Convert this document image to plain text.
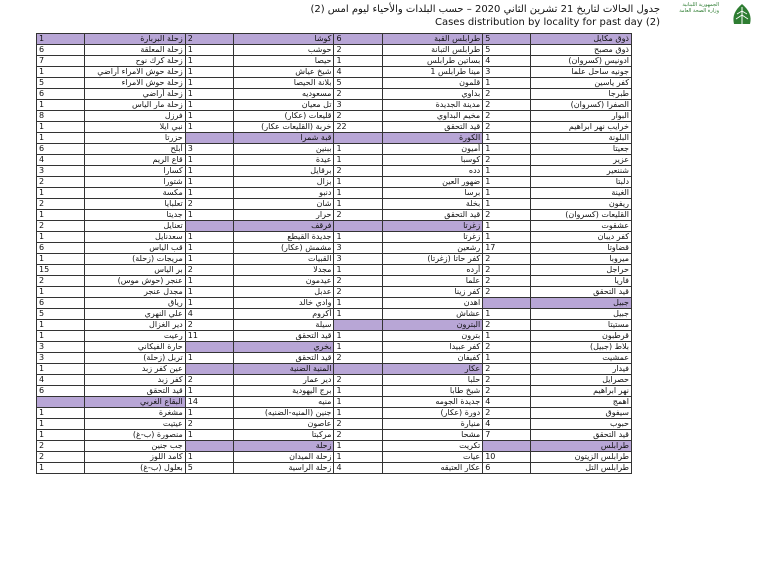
جدول الحالات لتاريخ 21 تشرين الثاني 2020 – حسب البلدات والأحياء ليوم امس (2)
Cases distribution by locality for past day (2)
الجمهورية اللبنانية وزارة الصحة العامة
1	زحلة البربارة	2	كوشا	6	طرابلس القبة	5	ذوق مكايل
6	زحلة المعلقة	1	حوشب	2	طرابلس التبانة	5	ذوق مصبح
7	زحلة كرك نوح	1	حيصا	1	بساتين طرابلس	4	ادونيس (كسروان)
1	زحلة حوش الامراء أراضي	1	شيخ عياش	4	مينا طرابلس 1	3	جونيه ساحل علما
5	زحلة حوش الامراء	1	بلانة الحيصا	5	قلمون	1	كفر ياسين
6	زحلة أراضي	1	مسعوديه	2	بداوي	2	طبرجا
1	زحلة مار الياس	1	تل معيان	3	مدينة الجديدة	2	الصفرا (كسروان)
8	فرزل	1	قليعات (عكار)	2	مخيم البداوي	2	البوار
1	نبي ايلا	1	خربة (القليعات عكار)	22	قيد التحقق	2	خرايب نهر ابراهيم
1	حزرتا		قبة شمرا		الكورة	1	البلونة
6	أبلح	3	ببنين	1	أميون	1	جعيتا
4	قاع الريم	1	عيدة	1	كوسبا	2	عزير
3	كسارا	1	برقايل	2	دده	1	شننعير
2	شتورا	1	بزال	1	ضهور العين	1	دلبتا
1	مكسة	1	دنبو	1	برسا	1	الغينة
2	تعلبايا	2	شان	1	بخلة	1	ريفون
1	جديتا	1	حرار	2	قيد التحقق	2	القليعات (كسروان)
2	تعنايل		فرقف		زغرتا	1	عشقوت
1	سعدنايل	1	جديدة القيطع	1	زغرتا	1	كفر ديبان
6	قب الياس	1	مشمش (عكار)	3	رشعين	17	قضاوتا
1	مريجات (زحلة)	1	القبيات	3	كفر حاتا (زغرتا)	2	ميروبا
15	بر الياس	2	مجدلا	1	أرده	2	حراجل
2	عنجر (حوش موس)	1	عيدمون	2	علما	2	فاريا
1	مجدل عنجر	1	عدبل	2	كفر زينا	2	قيد التحقق
6	رياق	1	وادي خالد	1	اهدن		جبيل
5	علي النهري	4	أكروم	1	عشاش	1	جبيل
1	دير الغزال	2	سيلة		البترون	2	مستيتا
1	رعيت	11	قيد التحقق	1	بترون	1	قرطبون
3	حارة الفيكاني		بخري	1	كفر عبيدا	2	بلاط (جبيل)
3	تربل (زحلة)	1	قيد التحقق	2	كفيفان	1	عمشيت
1	عين كفر زبد		المنية الضنية		عكار	2	فيدار
4	كفر زبد	2	دير عمار	2	حلبا	2	حصرايل
6	قيد التحقق	1	برج اليهودية	1	شيخ طابا	2	نهر ابراهيم
	البقاع الغربي	14	منيه	1	جديدة الجومه	4	اهمج
1	مشغرة	1	جنين (المنيه-الضنيه)	1	دورة (عكار)	2	سيفوق
1	عيتيت	2	عاصون	2	منيارة	4	حبوب
1	منصورة (ب-غ)	1	مركبتا	2	مشحا	7	قيد التحقق
2	جب جنين		زحلة	1	تكريت		طرابلس
2	كامد اللوز	1	زحلة الميدان	1	عيات	10	طرابلس الزيتون
1	بعلول (ب-غ)	5	زحلة الراسية	4	عكار العتيقه	6	طرابلس التل
